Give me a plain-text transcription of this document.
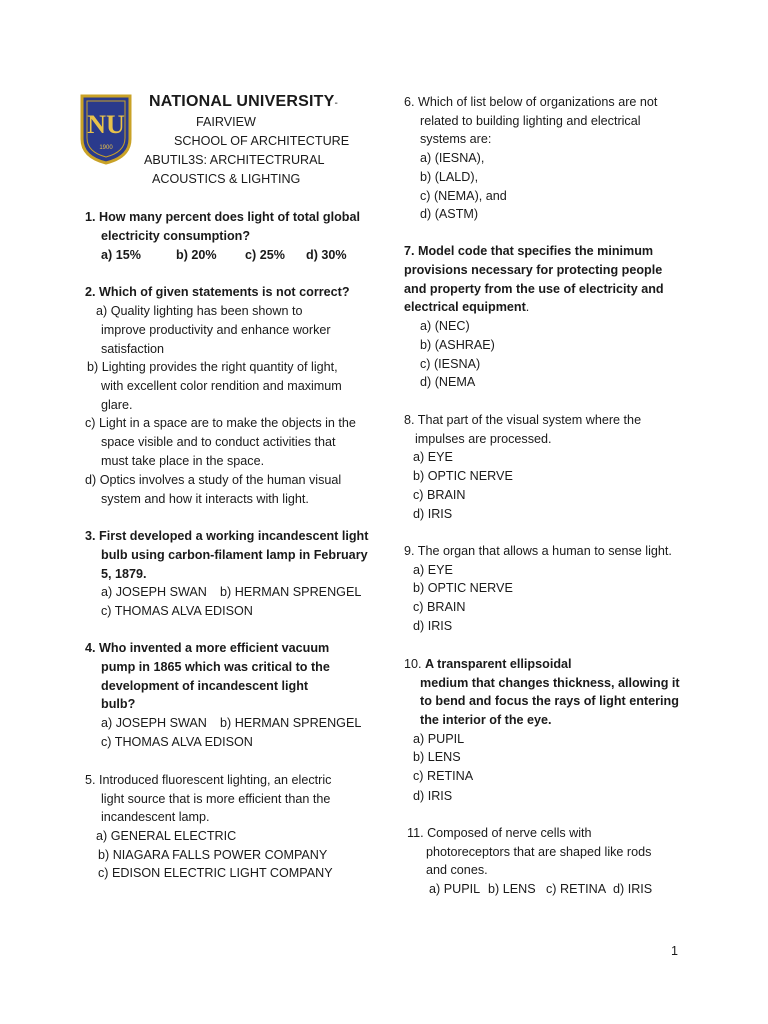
NU
1900
NATIONAL UNIVERSITY-
FAIRVIEW
SCHOOL OF ARCHITECTURE
ABUTIL3S: ARCHITECTRURAL
ACOUSTICS & LIGHTING
1. How many percent does light of total global
electricity consumption?
a) 15%	b) 20% c) 25% d) 30%
2. Which of given statements is not correct?
a) Quality lighting has been shown to
improve productivity and enhance worker
satisfaction
b) Lighting provides the right quantity of light,
with excellent color rendition and maximum
glare.
c) Light in a space are to make the objects in the
space visible and to conduct activities that
must take place in the space.
d) Optics involves a study of the human visual
system and how it interacts with light.
3. First developed a working incandescent light
bulb using carbon-filament lamp in February
5, 1879.
a) JOSEPH SWAN b) HERMAN SPRENGEL
c) THOMAS ALVA EDISON
4. Who invented a more efficient vacuum
pump in 1865 which was critical to the
development of incandescent light
bulb?
a) JOSEPH SWAN b) HERMAN SPRENGEL
c) THOMAS ALVA EDISON
5. Introduced fluorescent lighting, an electric
light source that is more efficient than the
incandescent lamp.
a) GENERAL ELECTRIC
b) NIAGARA FALLS POWER COMPANY
c) EDISON ELECTRIC LIGHT COMPANY
6. Which of list below of organizations are not
related to building lighting and electrical
systems are:
a) (IESNA),
b) (LALD),
c) (NEMA), and
d) (ASTM)
7. Model code that specifies the minimum
provisions necessary for protecting people
and property from the use of electricity and
electrical equipment.
a) (NEC)
b) (ASHRAE)
c) (IESNA)
d) (NEMA
8. That part of the visual system where the
impulses are processed.
a) EYE
b) OPTIC NERVE
c) BRAIN
d) IRIS
9. The organ that allows a human to sense light.
a) EYE
b) OPTIC NERVE
c) BRAIN
d) IRIS
10. A transparent ellipsoidal
medium that changes thickness, allowing it
to bend and focus the rays of light entering
the interior of the eye.
a) PUPIL
b) LENS
c) RETINA
d) IRIS
11. Composed of nerve cells with
photoreceptors that are shaped like rods
and cones.
a) PUPIL b) LENS c) RETINA d) IRIS
1
